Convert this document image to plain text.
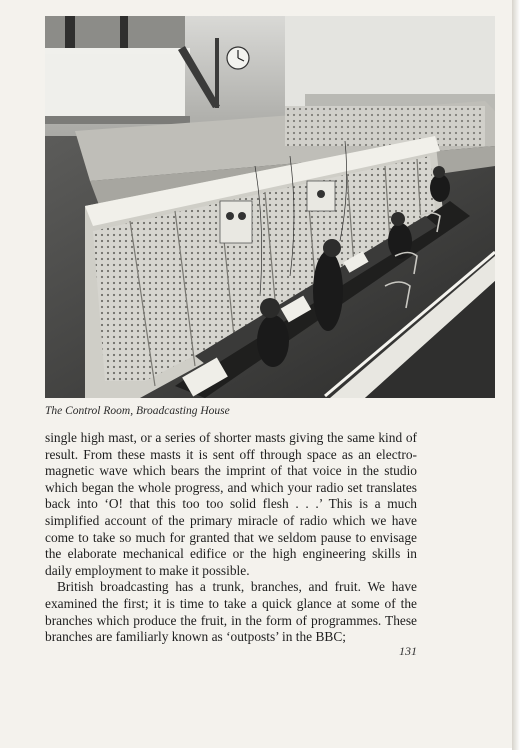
The Control Room, Broadcasting House

single high mast, or a series of shorter masts giving the same kind of result. From these masts it is sent off through space as an electro-magnetic wave which bears the imprint of that voice in the studio which began the whole progress, and which your radio set translates back into ‘O! that this too too solid flesh . . .’ This is a much simplified account of the primary miracle of radio which we have come to take so much for granted that we seldom pause to envisage the elaborate mechanical edifice or the high engineering skills in daily employment to make it possible.

British broadcasting has a trunk, branches, and fruit. We have examined the first; it is time to take a quick glance at some of the branches which produce the fruit, in the form of programmes. These branches are familiarly known as ‘outposts’ in the BBC;

131
